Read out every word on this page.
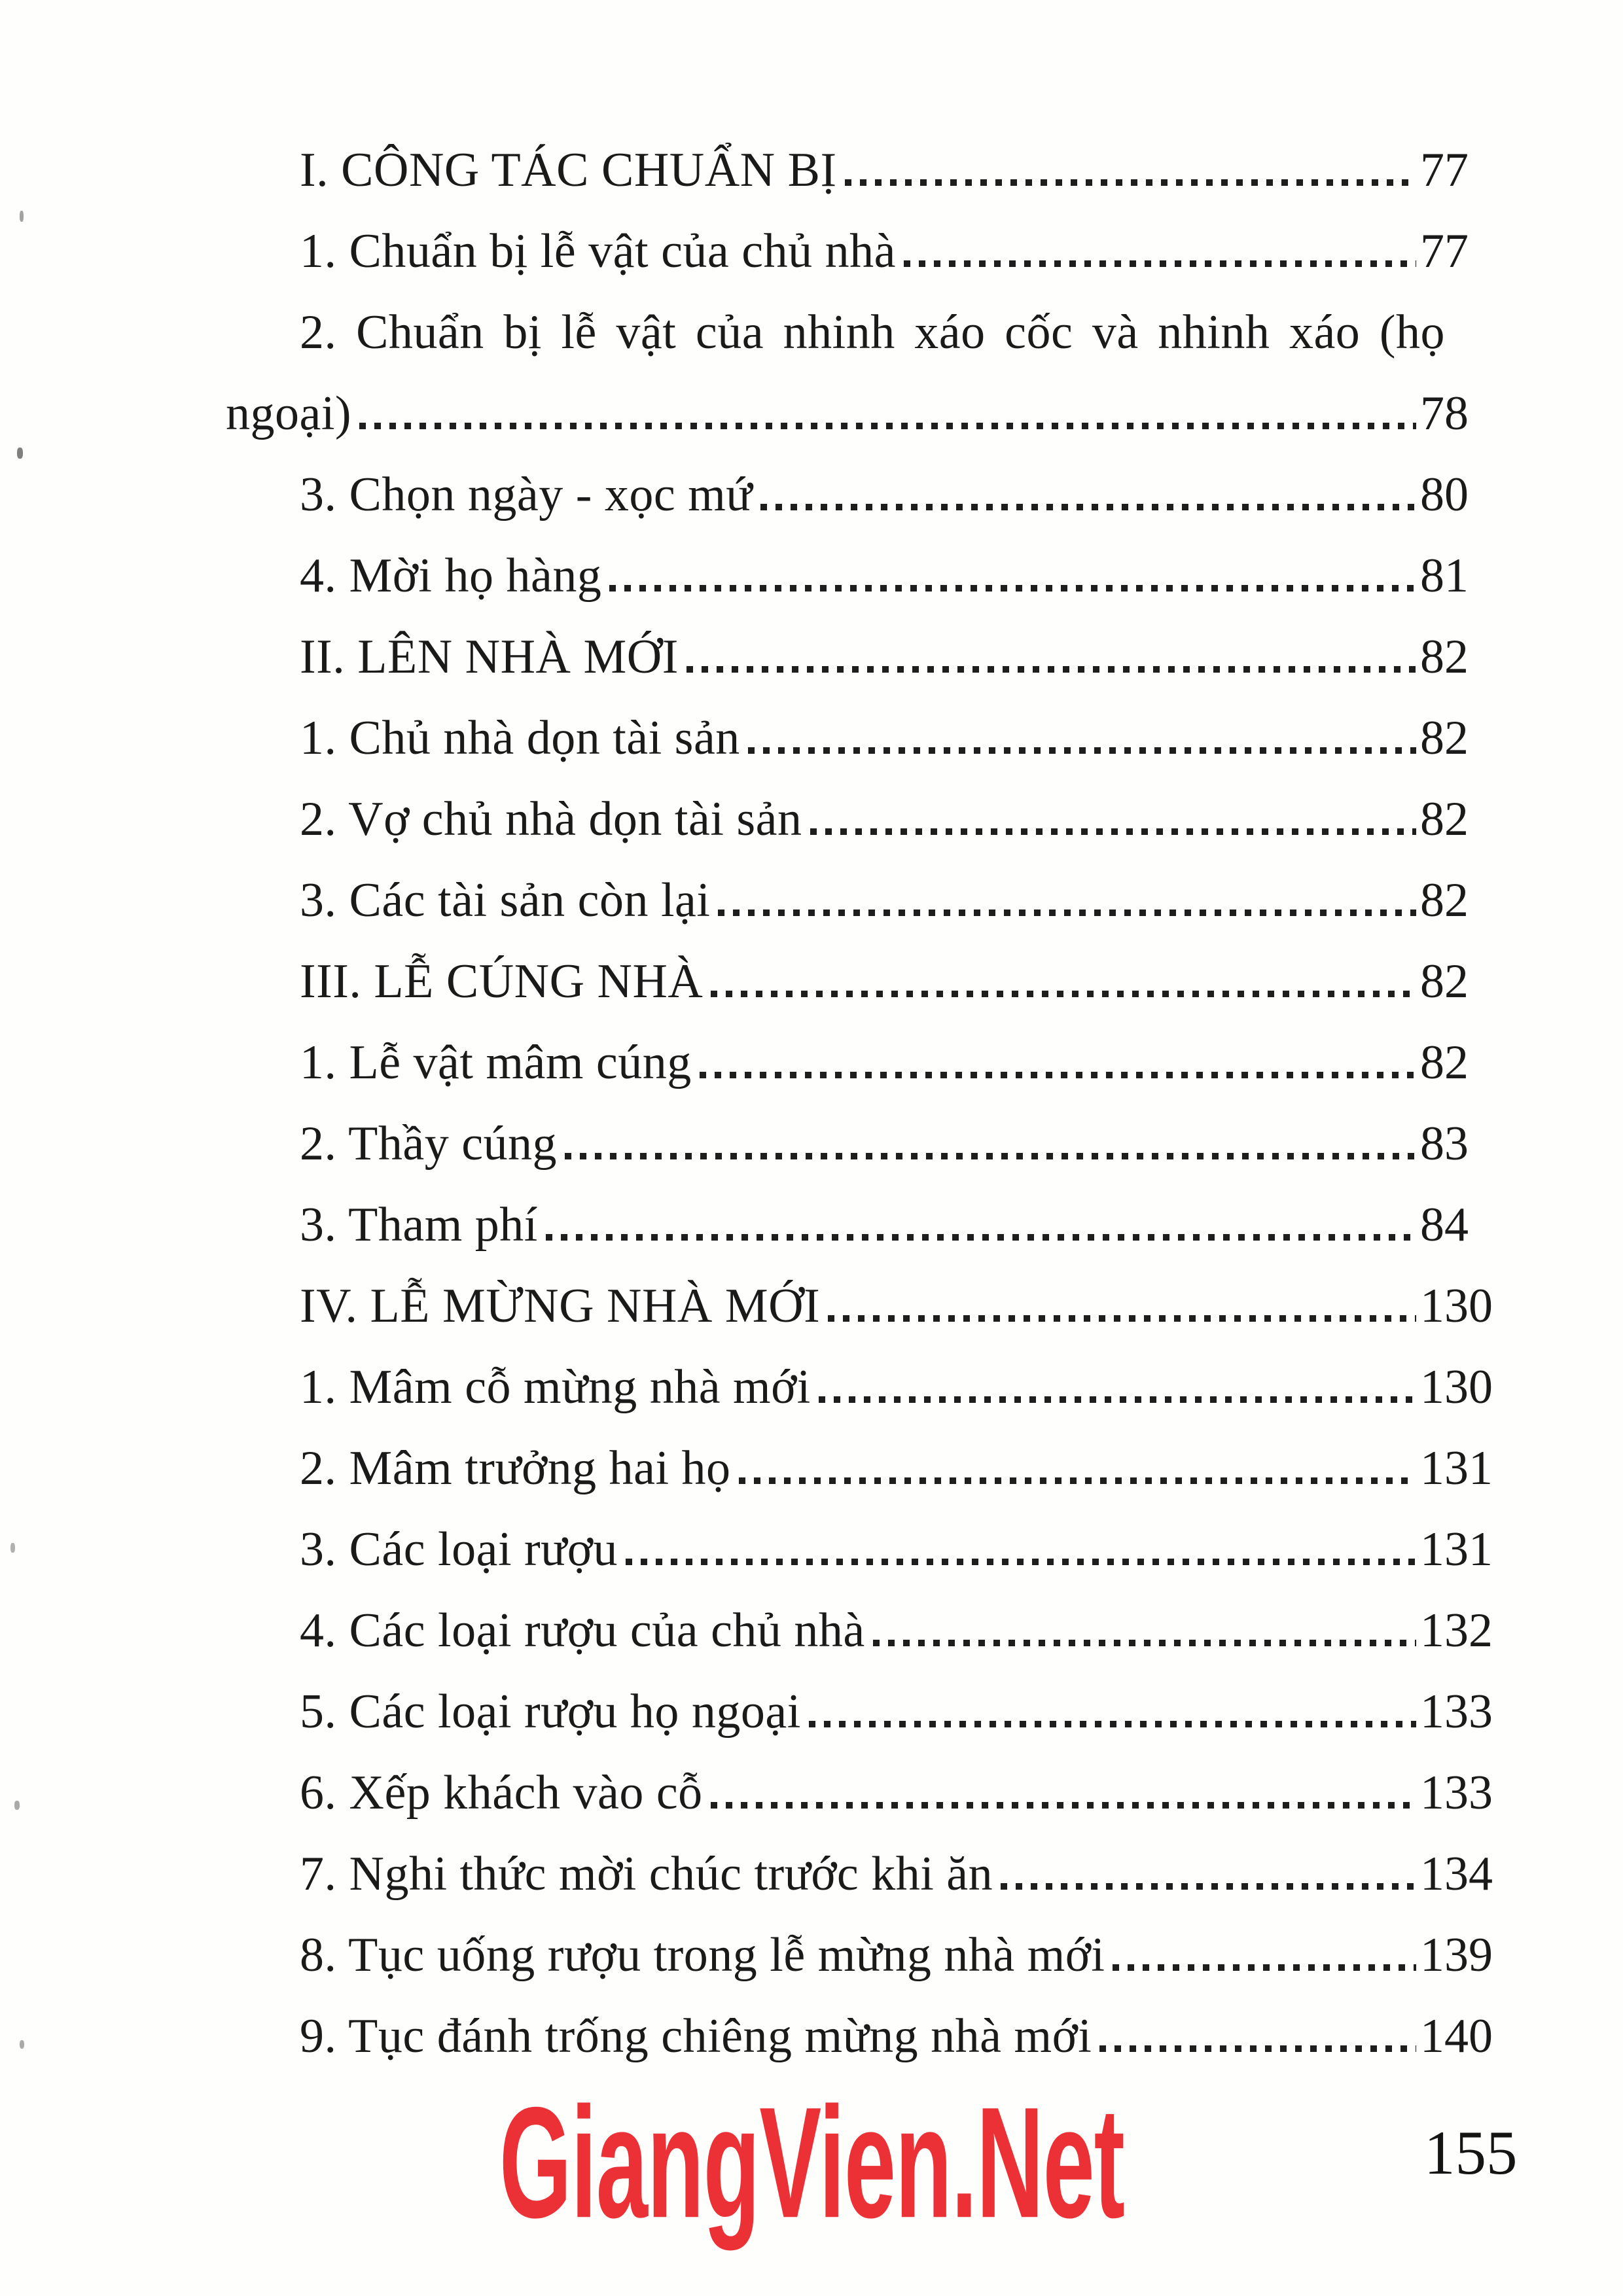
I. CÔNG TÁC CHUẨN BỊ	77
1. Chuẩn bị lễ vật của chủ nhà	77
2. Chuẩn bị lễ vật của nhinh xáo cốc và nhinh xáo (họ
ngoại)	78
3. Chọn ngày - xọc mứ	80
4. Mời họ hàng	81
II. LÊN NHÀ MỚI	82
1. Chủ nhà dọn tài sản	82
2. Vợ chủ nhà dọn tài sản	82
3. Các tài sản còn lại	82
III. LỄ CÚNG NHÀ	82
1. Lễ vật mâm cúng	82
2. Thầy cúng	83
3. Tham phí	84
IV. LỄ MỪNG NHÀ MỚI	130
1. Mâm cỗ mừng nhà mới	130
2. Mâm trưởng hai họ	131
3. Các loại rượu	131
4. Các loại rượu của chủ nhà	132
5. Các loại rượu họ ngoại	133
6. Xếp khách vào cỗ	133
7. Nghi thức mời chúc trước khi ăn	134
8. Tục uống rượu trong lễ mừng nhà mới	139
9. Tục đánh trống chiêng mừng nhà mới	140
GiangVien.Net	155
